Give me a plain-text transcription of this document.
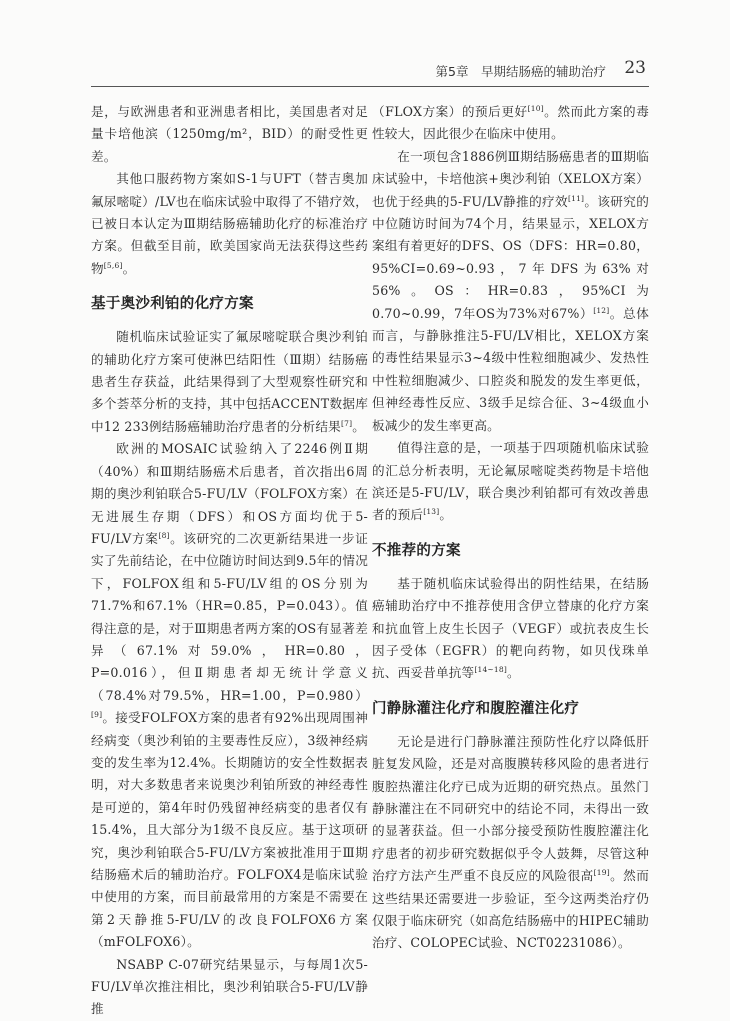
第5章　早期结肠癌的辅助治疗 23

是，与欧洲患者和亚洲患者相比，美国患者对足量卡培他滨（1250mg/m²，BID）的耐受性更差。

其他口服药物方案如S-1与UFT（替吉奥加氟尿嘧啶）/LV也在临床试验中取得了不错疗效，已被日本认定为Ⅲ期结肠癌辅助化疗的标准治疗方案。但截至目前，欧美国家尚无法获得这些药物[5,6]。

基于奥沙利铂的化疗方案

随机临床试验证实了氟尿嘧啶联合奥沙利铂的辅助化疗方案可使淋巴结阳性（Ⅲ期）结肠癌患者生存获益，此结果得到了大型观察性研究和多个荟萃分析的支持，其中包括ACCENT数据库中12 233例结肠癌辅助治疗患者的分析结果[7]。

欧洲的MOSAIC试验纳入了2246例Ⅱ期（40%）和Ⅲ期结肠癌术后患者，首次指出6周期的奥沙利铂联合5-FU/LV（FOLFOX方案）在无进展生存期（DFS）和OS方面均优于5-FU/LV方案[8]。该研究的二次更新结果进一步证实了先前结论，在中位随访时间达到9.5年的情况下，FOLFOX组和5-FU/LV组的OS分别为71.7%和67.1%（HR=0.85，P=0.043）。值得注意的是，对于Ⅲ期患者两方案的OS有显著差异（67.1%对59.0%，HR=0.80，P=0.016），但Ⅱ期患者却无统计学意义（78.4%对79.5%，HR=1.00，P=0.980）[9]。接受FOLFOX方案的患者有92%出现周围神经病变（奥沙利铂的主要毒性反应），3级神经病变的发生率为12.4%。长期随访的安全性数据表明，对大多数患者来说奥沙利铂所致的神经毒性是可逆的，第4年时仍残留神经病变的患者仅有15.4%，且大部分为1级不良反应。基于这项研究，奥沙利铂联合5-FU/LV方案被批准用于Ⅲ期结肠癌术后的辅助治疗。FOLFOX4是临床试验中使用的方案，而目前最常用的方案是不需要在第2天静推5-FU/LV的改良FOLFOX6方案（mFOLFOX6）。

NSABP C-07研究结果显示，与每周1次5-FU/LV单次推注相比，奥沙利铂联合5-FU/LV静推

（FLOX方案）的预后更好[10]。然而此方案的毒性较大，因此很少在临床中使用。

在一项包含1886例Ⅲ期结肠癌患者的Ⅲ期临床试验中，卡培他滨+奥沙利铂（XELOX方案）也优于经典的5-FU/LV静推的疗效[11]。该研究的中位随访时间为74个月，结果显示，XELOX方案组有着更好的DFS、OS（DFS：HR=0.80，95%CI=0.69~0.93，7年DFS为63%对56%。OS：HR=0.83，95%CI为0.70~0.99，7年OS为73%对67%）[12]。总体而言，与静脉推注5-FU/LV相比，XELOX方案的毒性结果显示3~4级中性粒细胞减少、发热性中性粒细胞减少、口腔炎和脱发的发生率更低，但神经毒性反应、3级手足综合征、3~4级血小板减少的发生率更高。

值得注意的是，一项基于四项随机临床试验的汇总分析表明，无论氟尿嘧啶类药物是卡培他滨还是5-FU/LV，联合奥沙利铂都可有效改善患者的预后[13]。

不推荐的方案

基于随机临床试验得出的阴性结果，在结肠癌辅助治疗中不推荐使用含伊立替康的化疗方案和抗血管上皮生长因子（VEGF）或抗表皮生长因子受体（EGFR）的靶向药物，如贝伐珠单抗、西妥昔单抗等[14~18]。

门静脉灌注化疗和腹腔灌注化疗

无论是进行门静脉灌注预防性化疗以降低肝脏复发风险，还是对高腹膜转移风险的患者进行腹腔热灌注化疗已成为近期的研究热点。虽然门静脉灌注在不同研究中的结论不同，未得出一致的显著获益。但一小部分接受预防性腹腔灌注化疗患者的初步研究数据似乎令人鼓舞，尽管这种治疗方法产生严重不良反应的风险很高[19]。然而这些结果还需要进一步验证，至今这两类治疗仍仅限于临床研究（如高危结肠癌中的HIPEC辅助治疗、COLOPEC试验、NCT02231086）。
